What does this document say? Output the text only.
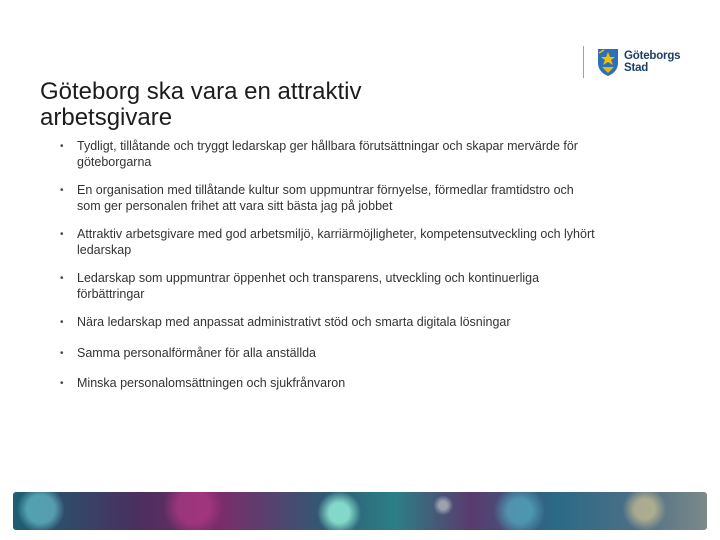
Göteborgs
Stad
Göteborg ska vara en attraktiv
arbetsgivare
• Tydligt, tillåtande och tryggt ledarskap ger hållbara förutsättningar och skapar mervärde för
göteborgarna
• En organisation med tillåtande kultur som uppmuntrar förnyelse, förmedlar framtidstro och
som ger personalen frihet att vara sitt bästa jag på jobbet
• Attraktiv arbetsgivare med god arbetsmiljö, karriärmöjligheter, kompetensutveckling och lyhört
ledarskap
• Ledarskap som uppmuntrar öppenhet och transparens, utveckling och kontinuerliga
förbättringar
• Nära ledarskap med anpassat administrativt stöd och smarta digitala lösningar
• Samma personalförmåner för alla anställda
• Minska personalomsättningen och sjukfrånvaron
